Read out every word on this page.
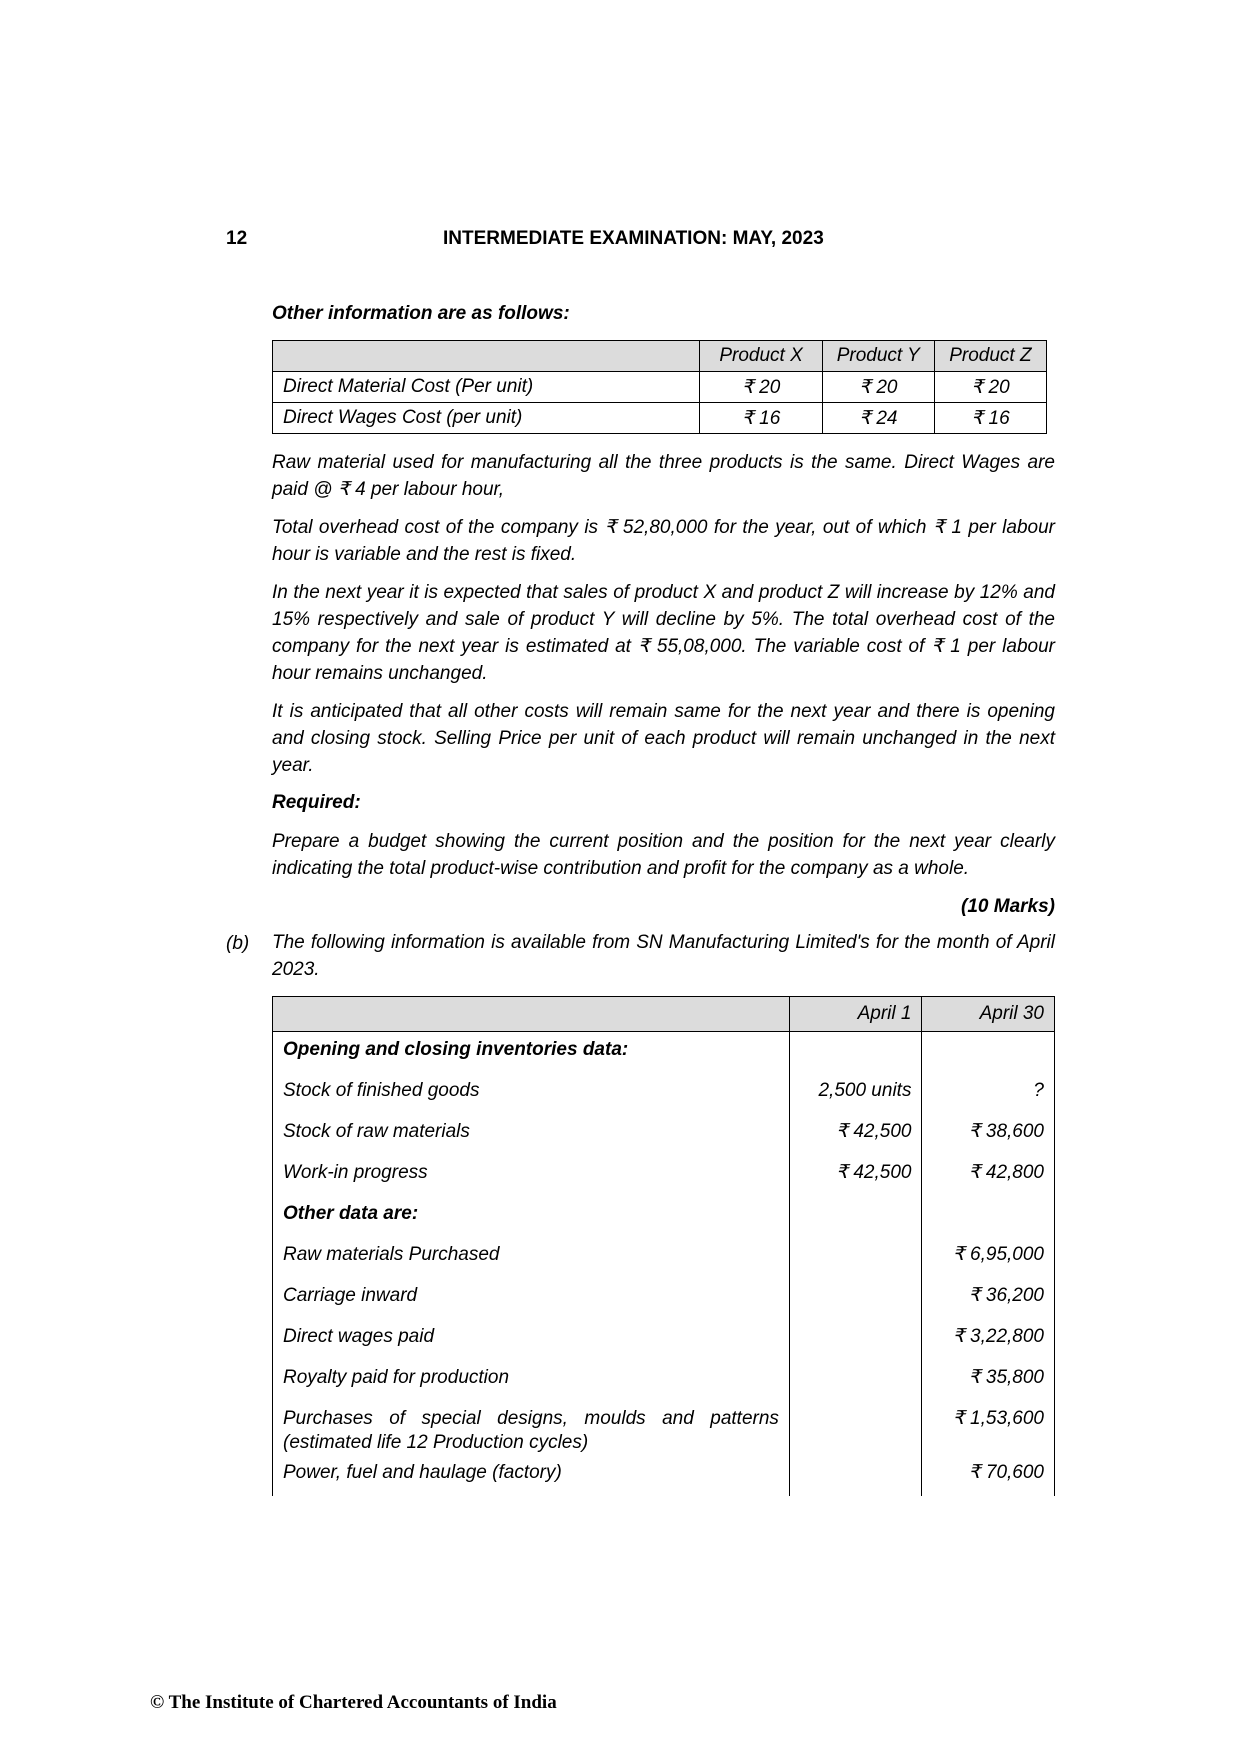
12	INTERMEDIATE EXAMINATION: MAY, 2023
Other information are as follows:
	Product X	Product Y	Product Z
Direct Material Cost (Per unit)	₹ 20	₹ 20	₹ 20
Direct Wages Cost (per unit)	₹ 16	₹ 24	₹ 16

Raw material used for manufacturing all the three products is the same. Direct Wages are paid @ ₹ 4 per labour hour,

Total overhead cost of the company is ₹ 52,80,000 for the year, out of which ₹ 1 per labour hour is variable and the rest is fixed.

In the next year it is expected that sales of product X and product Z will increase by 12% and 15% respectively and sale of product Y will decline by 5%. The total overhead cost of the company for the next year is estimated at ₹ 55,08,000. The variable cost of ₹ 1 per labour hour remains unchanged.

It is anticipated that all other costs will remain same for the next year and there is opening and closing stock. Selling Price per unit of each product will remain unchanged in the next year.

Required:

Prepare a budget showing the current position and the position for the next year clearly indicating the total product-wise contribution and profit for the company as a whole.

(10 Marks)
(b) The following information is available from SN Manufacturing Limited's for the month of April 2023.

	April 1	April 30
Opening and closing inventories data:		
Stock of finished goods	2,500 units	?
Stock of raw materials	₹ 42,500	₹ 38,600
Work-in progress	₹ 42,500	₹ 42,800
Other data are:		
Raw materials Purchased		₹ 6,95,000
Carriage inward		₹ 36,200
Direct wages paid		₹ 3,22,800
Royalty paid for production		₹ 35,800
Purchases of special designs, moulds and patterns (estimated life 12 Production cycles)		₹ 1,53,600
Power, fuel and haulage (factory)		₹ 70,600
© The Institute of Chartered Accountants of India
